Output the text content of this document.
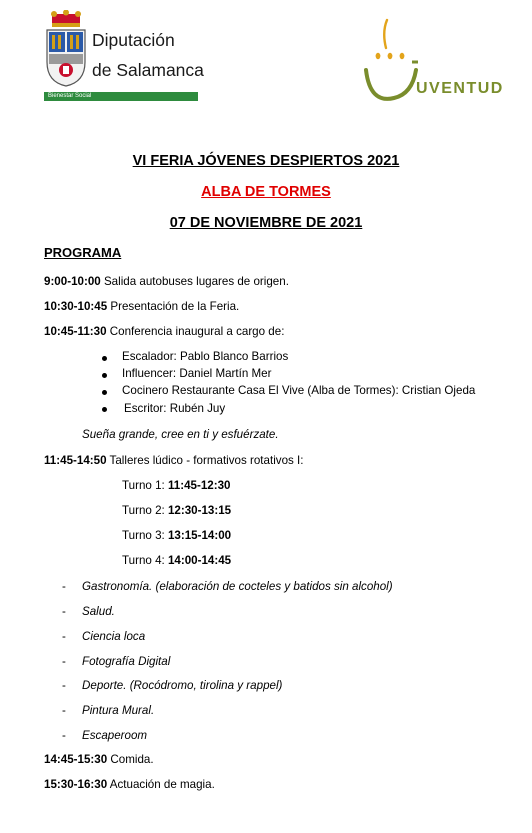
Diputación
de Salamanca
Bienestar Social	UVENTUD
VI FERIA JÓVENES DESPIERTOS 2021
ALBA DE TORMES
07 DE NOVIEMBRE DE 2021
PROGRAMA
9:00-10:00 Salida autobuses lugares de origen.
10:30-10:45 Presentación de la Feria.
10:45-11:30 Conferencia inaugural a cargo de:
Escalador: Pablo Blanco Barrios
Influencer: Daniel Martín Mer
Cocinero Restaurante Casa El Vive (Alba de Tormes): Cristian Ojeda
Escritor: Rubén Juy
Sueña grande, cree en ti y esfuérzate.
11:45-14:50 Talleres lúdico - formativos rotativos I:
Turno 1: 11:45-12:30
Turno 2: 12:30-13:15
Turno 3: 13:15-14:00
Turno 4: 14:00-14:45
- Gastronomía. (elaboración de cocteles y batidos sin alcohol)
- Salud.
- Ciencia loca
- Fotografía Digital
- Deporte. (Rocódromo, tirolina y rappel)
- Pintura Mural.
- Escaperoom
14:45-15:30 Comida.
15:30-16:30 Actuación de magia.
